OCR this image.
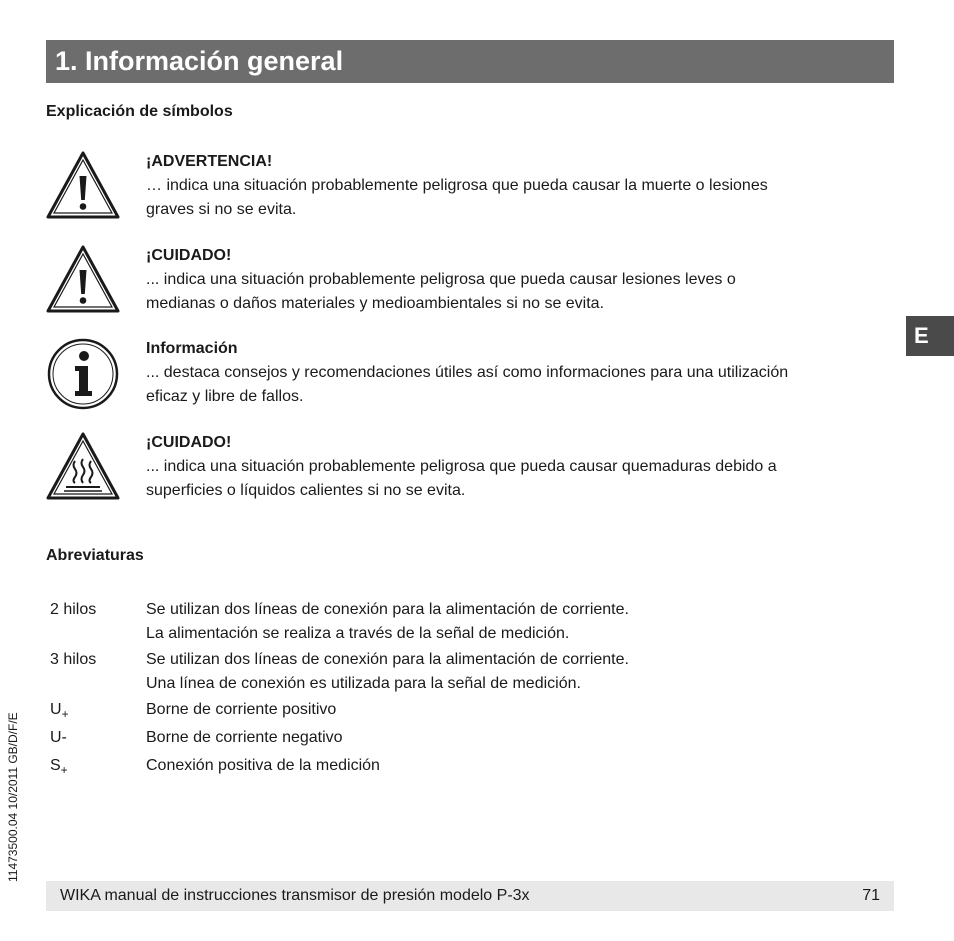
1. Información general
Explicación de símbolos
¡ADVERTENCIA!
… indica una situación probablemente peligrosa que pueda causar la muerte o lesiones
graves si no se evita.
¡CUIDADO!
... indica una situación probablemente peligrosa que pueda causar lesiones leves o
medianas o daños materiales y medioambientales si no se evita.
Información
... destaca consejos y recomendaciones útiles así como informaciones para una utilización
eficaz y libre de fallos.
¡CUIDADO!
... indica una situación probablemente peligrosa que pueda causar quemaduras debido a
superficies o líquidos calientes si no se evita.
E
Abreviaturas
2 hilos	Se utilizan dos líneas de conexión para la alimentación de corriente.
La alimentación se realiza a través de la señal de medición.
3 hilos	Se utilizan dos líneas de conexión para la alimentación de corriente.
Una línea de conexión es utilizada para la señal de medición.
$U_+$	Borne de corriente positivo
U-	Borne de corriente negativo
$S_+$	Conexión positiva de la medición
11473500.04 10/2011 GB/D/F/E
WIKA manual de instrucciones transmisor de presión modelo P-3x	71
